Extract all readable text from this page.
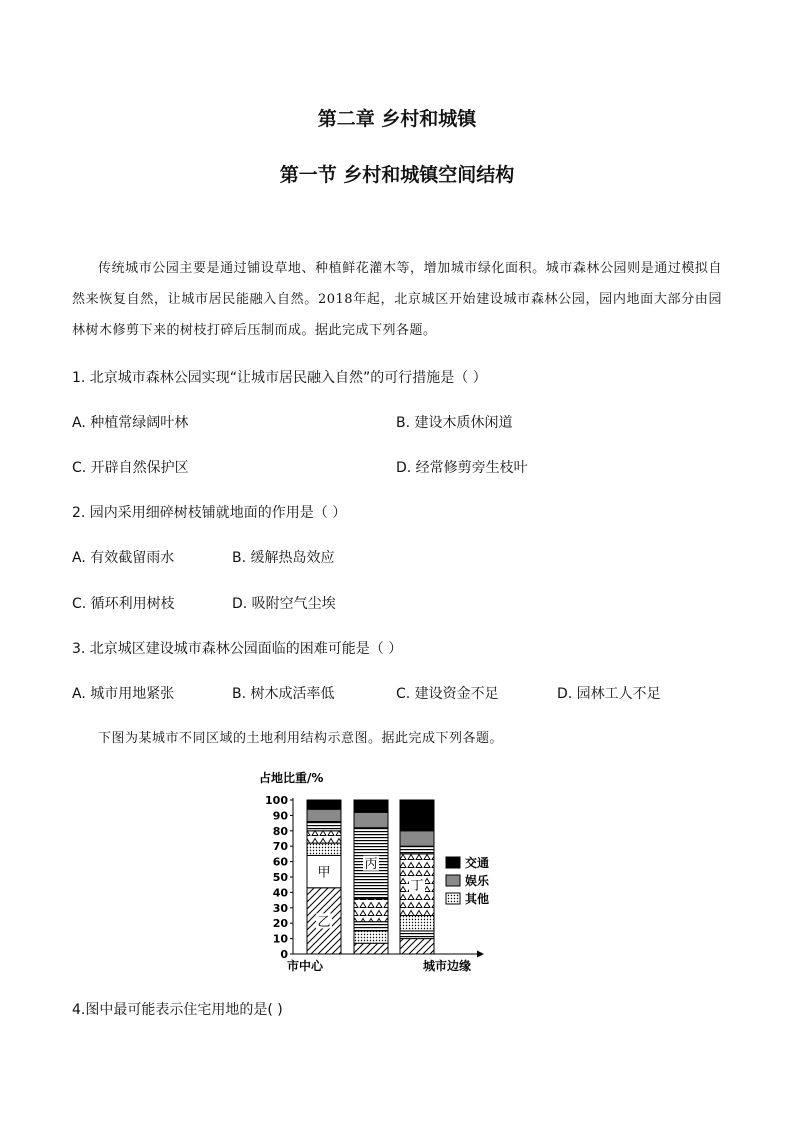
第二章 乡村和城镇
第一节 乡村和城镇空间结构
传统城市公园主要是通过铺设草地、种植鲜花灌木等，增加城市绿化面积。城市森林公园则是通过模拟自然来恢复自然，让城市居民能融入自然。2018年起，北京城区开始建设城市森林公园，园内地面大部分由园林树木修剪下来的树枝打碎后压制而成。据此完成下列各题。
1. 北京城市森林公园实现“让城市居民融入自然”的可行措施是（ ）
A. 种植常绿阔叶林	B. 建设木质休闲道
C. 开辟自然保护区	D. 经常修剪旁生枝叶
2. 园内采用细碎树枝铺就地面的作用是（ ）
A. 有效截留雨水	B. 缓解热岛效应
C. 循环利用树枝	D. 吸附空气尘埃
3. 北京城区建设城市森林公园面临的困难可能是（ ）
A. 城市用地紧张	B. 树木成活率低	C. 建设资金不足	D. 园林工人不足
下图为某城市不同区域的土地利用结构示意图。据此完成下列各题。
占地比重/%
0
10
20
30
40
50
60
70
80
90
100
乙
甲
丙
丁
市中心	城市边缘
交通
娱乐
其他
4.图中最可能表示住宅用地的是( )
